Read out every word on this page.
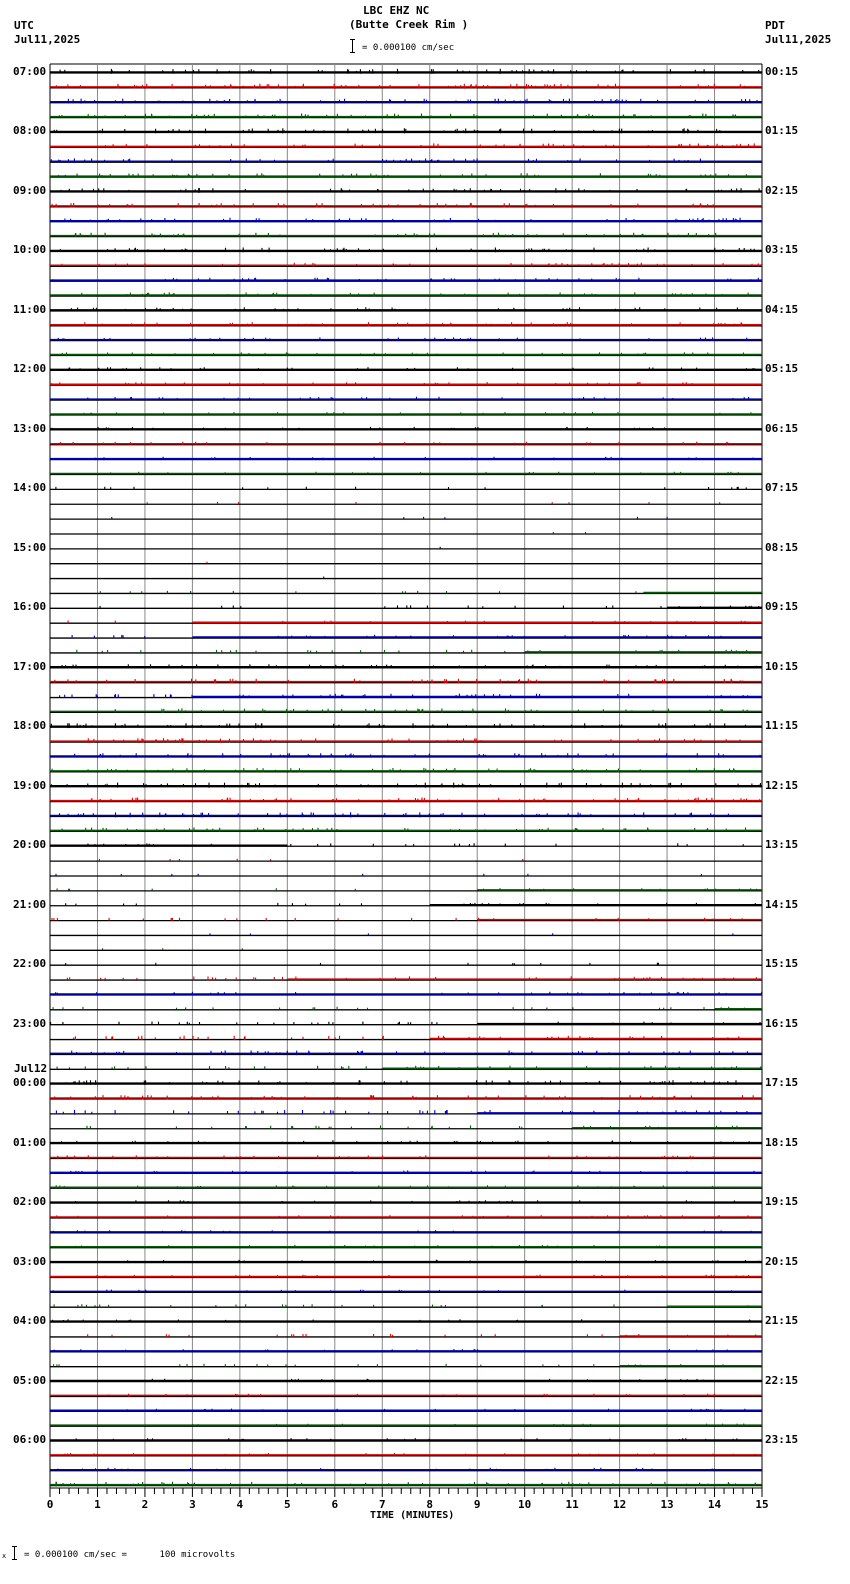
LBC EHZ NC
(Butte Creek Rim )
= 0.000100 cm/sec
UTC
Jul11,2025
PDT
Jul11,2025
0	1	2	3	4	5	6	7	8	9	10	11	12	13	14	15
07:00
08:00
09:00
10:00
11:00
12:00
13:00
14:00
15:00
16:00
17:00
18:00
19:00
20:00
21:00
22:00
23:00
Jul12
00:00
01:00
02:00
03:00
04:00
05:00
06:00
00:15
01:15
02:15
03:15
04:15
05:15
06:15
07:15
08:15
09:15
10:15
11:15
12:15
13:15
14:15
15:15
16:15
17:15
18:15
19:15
20:15
21:15
22:15
23:15
TIME (MINUTES)
x = 0.000100 cm/sec =      100 microvolts
